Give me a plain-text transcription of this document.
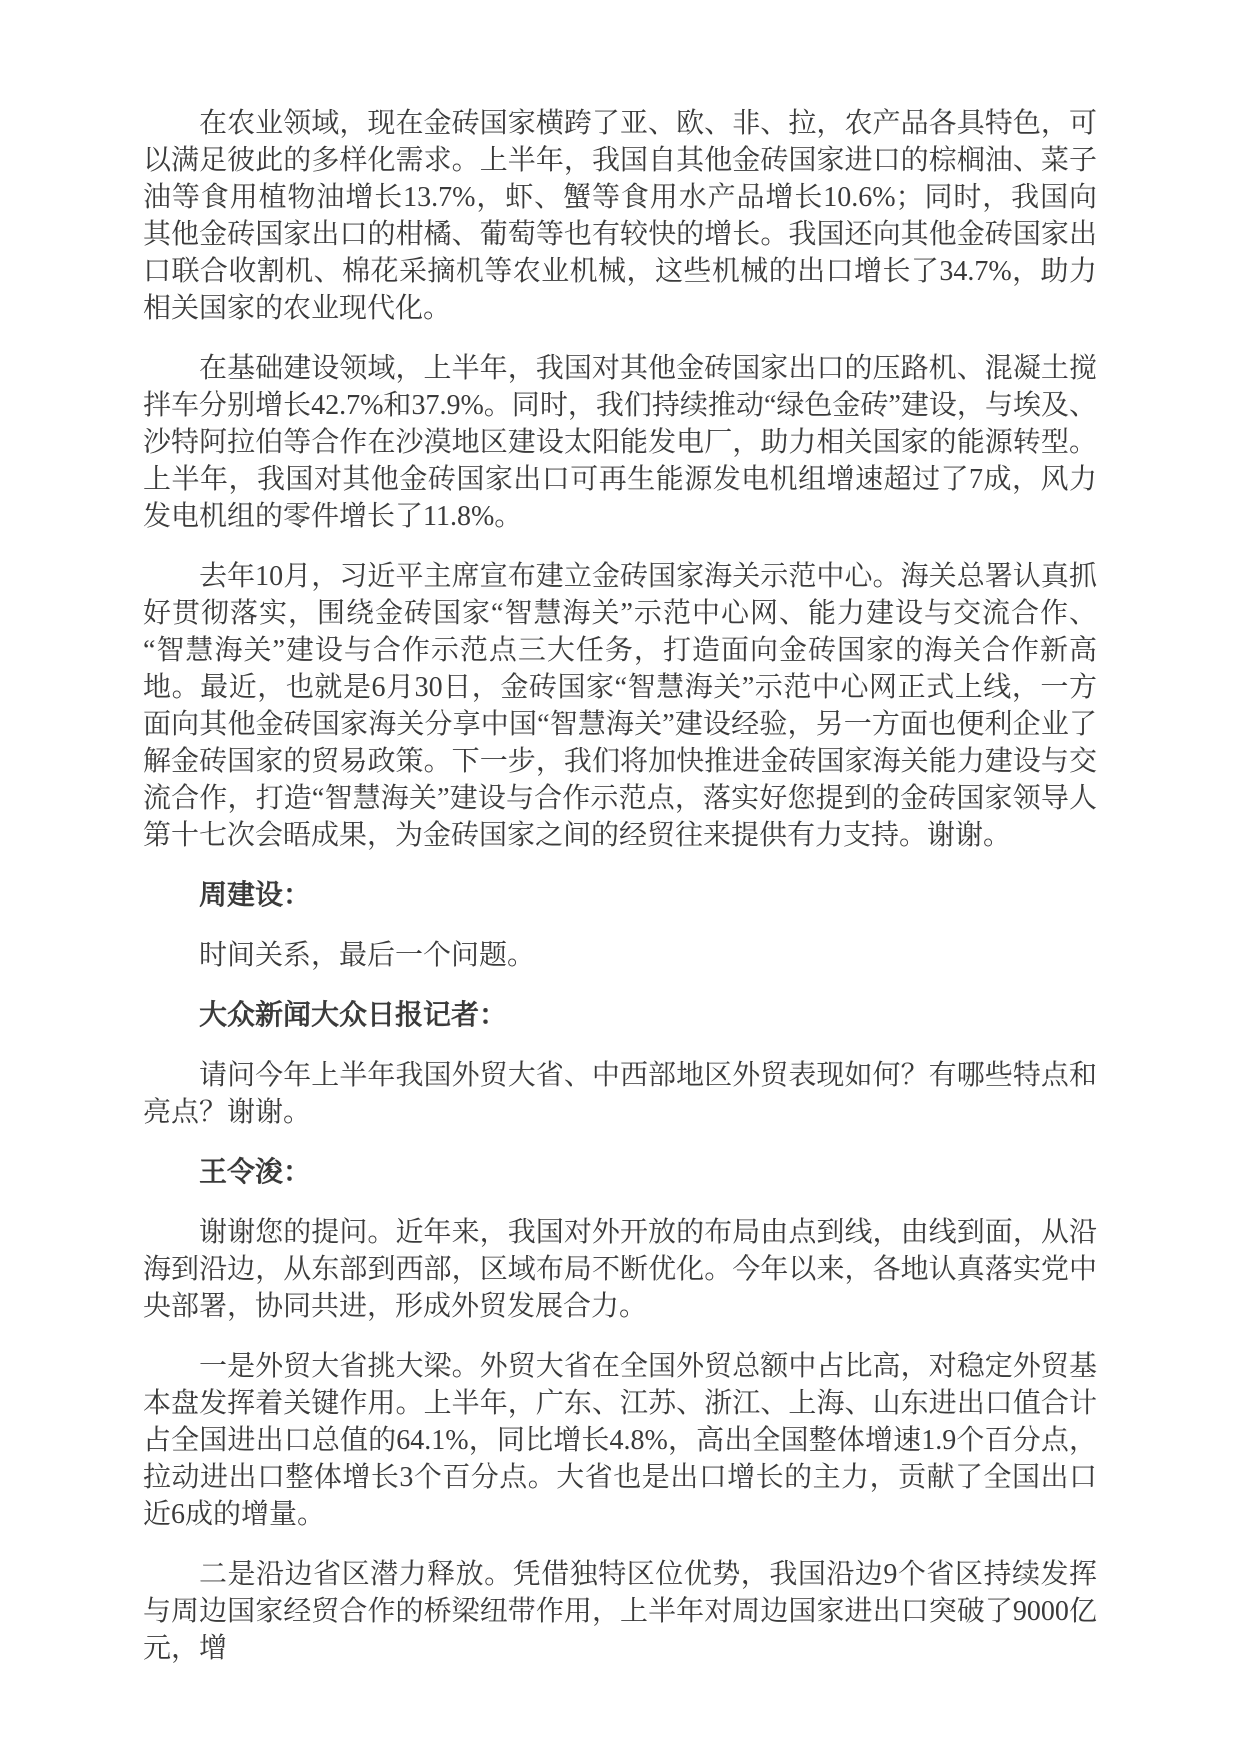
在农业领域，现在金砖国家横跨了亚、欧、非、拉，农产品各具特色，可以满足彼此的多样化需求。上半年，我国自其他金砖国家进口的棕榈油、菜子油等食用植物油增长13.7%，虾、蟹等食用水产品增长10.6%；同时，我国向其他金砖国家出口的柑橘、葡萄等也有较快的增长。我国还向其他金砖国家出口联合收割机、棉花采摘机等农业机械，这些机械的出口增长了34.7%，助力相关国家的农业现代化。

在基础建设领域，上半年，我国对其他金砖国家出口的压路机、混凝土搅拌车分别增长42.7%和37.9%。同时，我们持续推动“绿色金砖”建设，与埃及、沙特阿拉伯等合作在沙漠地区建设太阳能发电厂，助力相关国家的能源转型。上半年，我国对其他金砖国家出口可再生能源发电机组增速超过了7成，风力发电机组的零件增长了11.8%。

去年10月，习近平主席宣布建立金砖国家海关示范中心。海关总署认真抓好贯彻落实，围绕金砖国家“智慧海关”示范中心网、能力建设与交流合作、“智慧海关”建设与合作示范点三大任务，打造面向金砖国家的海关合作新高地。最近，也就是6月30日，金砖国家“智慧海关”示范中心网正式上线，一方面向其他金砖国家海关分享中国“智慧海关”建设经验，另一方面也便利企业了解金砖国家的贸易政策。下一步，我们将加快推进金砖国家海关能力建设与交流合作，打造“智慧海关”建设与合作示范点，落实好您提到的金砖国家领导人第十七次会晤成果，为金砖国家之间的经贸往来提供有力支持。谢谢。

周建设：

时间关系，最后一个问题。

大众新闻大众日报记者：

请问今年上半年我国外贸大省、中西部地区外贸表现如何？有哪些特点和亮点？谢谢。

王令浚：

谢谢您的提问。近年来，我国对外开放的布局由点到线，由线到面，从沿海到沿边，从东部到西部，区域布局不断优化。今年以来，各地认真落实党中央部署，协同共进，形成外贸发展合力。

一是外贸大省挑大梁。外贸大省在全国外贸总额中占比高，对稳定外贸基本盘发挥着关键作用。上半年，广东、江苏、浙江、上海、山东进出口值合计占全国进出口总值的64.1%，同比增长4.8%，高出全国整体增速1.9个百分点，拉动进出口整体增长3个百分点。大省也是出口增长的主力，贡献了全国出口近6成的增量。

二是沿边省区潜力释放。凭借独特区位优势，我国沿边9个省区持续发挥与周边国家经贸合作的桥梁纽带作用，上半年对周边国家进出口突破了9000亿元，增
